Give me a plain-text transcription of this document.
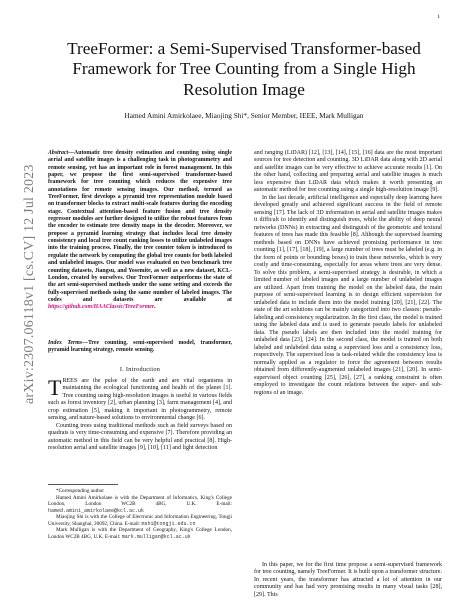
1
arXiv:2307.06118v1 [cs.CV] 12 Jul 2023
TreeFormer: a Semi-Supervised Transformer-based Framework for Tree Counting from a Single High Resolution Image
Hamed Amini Amirkolaee, Miaojing Shi*, Senior Member, IEEE, Mark Mulligan
Abstract—Automatic tree density estimation and counting using single aerial and satellite images is a challenging task in photogrammetry and remote sensing, yet has an important role in forest management. In this paper, we propose the first semi-supervised transformer-based framework for tree counting which reduces the expensive tree annotations for remote sensing images. Our method, termed as TreeFormer, first develops a pyramid tree representation module based on transformer blocks to extract multi-scale features during the encoding stage. Contextual attention-based feature fusion and tree density regressor modules are further designed to utilize the robust features from the encoder to estimate tree density maps in the decoder. Moreover, we propose a pyramid learning strategy that includes local tree density consistency and local tree count ranking losses to utilize unlabeled images into the training process. Finally, the tree counter token is introduced to regulate the network by computing the global tree counts for both labeled and unlabeled images. Our model was evaluated on two benchmark tree counting datasets, Jiangsu, and Yosemite, as well as a new dataset, KCL-London, created by ourselves. Our TreeFormer outperforms the state of the art semi-supervised methods under the same setting and exceeds the fully-supervised methods using the same number of labeled images. The codes and datasets are available at https://github.com/HAAClassic/TreeFormer.
Index Terms—Tree counting, semi-supervised model, transformer, pyramid learning strategy, remote sensing.
I. Introduction

TREES are the pulse of the earth and are vital organisms in maintaining the ecological functioning and health of the planet [1]. Tree counting using high-resolution images is useful in various fields such as forest inventory [2], urban planning [3], farm management [4], and crop estimation [5], making it important in photogrammetry, remote sensing, and nature-based solutions to environmental change [6].

Counting trees using traditional methods such as field surveys based on quadrats is very time-consuming and expensive [7]. Therefore providing an automatic method in this field can be very helpful and practical [8]. High-resolution aerial and satellite images [9], [10], [11] and light detection

*Corresponding author

Hamed Amini Amirkolaee is with the Department of Informatics, King's College London, London WC2B 4BG, U.K. E-mail: hamed.amini_amirkolaee@kcl.ac.uk

Miaojing Shi is with the College of Electronic and Information Engineering, Tongji University, Shanghai, 20092, China. E-mail: mshi@tongji.edu.cn

Mark Mulligan is with the Department of Geography, King's College London, London WC2B 4BG, U.K. E-mail: mark.mulligan@kcl.ac.uk

and ranging (LiDAR) [12], [13], [14], [15], [16] data are the most important sources for tree detection and counting. 3D LiDAR data along with 2D aerial and satellite images can be very effective to achieve accurate results [1]. On the other hand, collecting and preparing aerial and satellite images is much less expensive than LiDAR data which makes it worth presenting an automatic method for tree counting using a single high-resolution image [9].

In the last decade, artificial intelligence and especially deep learning have developed greatly and achieved significant success in the field of remote sensing [17]. The lack of 3D information in aerial and satellite images makes it difficult to identify and distinguish trees, while the ability of deep neural networks (DNNs) in extracting and distinguish of the geometric and textural features of trees has made this feasible [8]. Although the supervised learning methods based on DNNs have achieved promising performance in tree counting [1], [17], [18], [19], a large number of trees must be labeled (e.g. in the form of points or bounding boxes) to train these networks, which is very costly and time-consuming, especially for areas where trees are very dense. To solve this problem, a semi-supervised strategy is desirable, in which a limited number of labeled images and a large number of unlabeled images are utilized. Apart from training the model on the labeled data, the main purpose of semi-supervised learning is to design efficient supervision for unlabeled data to include them into the model training [20], [21], [22]. The state of the art solutions can be mainly categorized into two classes: pseudo-labeling and consistency regularization. In the first class, the model is trained using the labeled data and is used to generate pseudo labels for unlabeled data. The pseudo labels are then included into the model training for unlabeled data [23], [24]. In the second class, the model is trained on both labeled and unlabeled data using a supervised loss and a consistency loss, respectively. The supervised loss is task-related while the consistency loss is normally applied as a regulator to force the agreement between results obtained from differently-augmented unlabeled images [21], [20]. In semi-supervised object counting [25], [26], [27], a ranking constraint is often employed to investigate the count relations between the super- and sub-regions of an image.

In this paper, we for the first time propose a semi-supervised framework for tree counting, namely TreeFormer. It is built upon a transformer structure. In recent years, the transformer has attracted a lot of attention in our community and has had very promising results in many visual tasks [28], [29]. This
